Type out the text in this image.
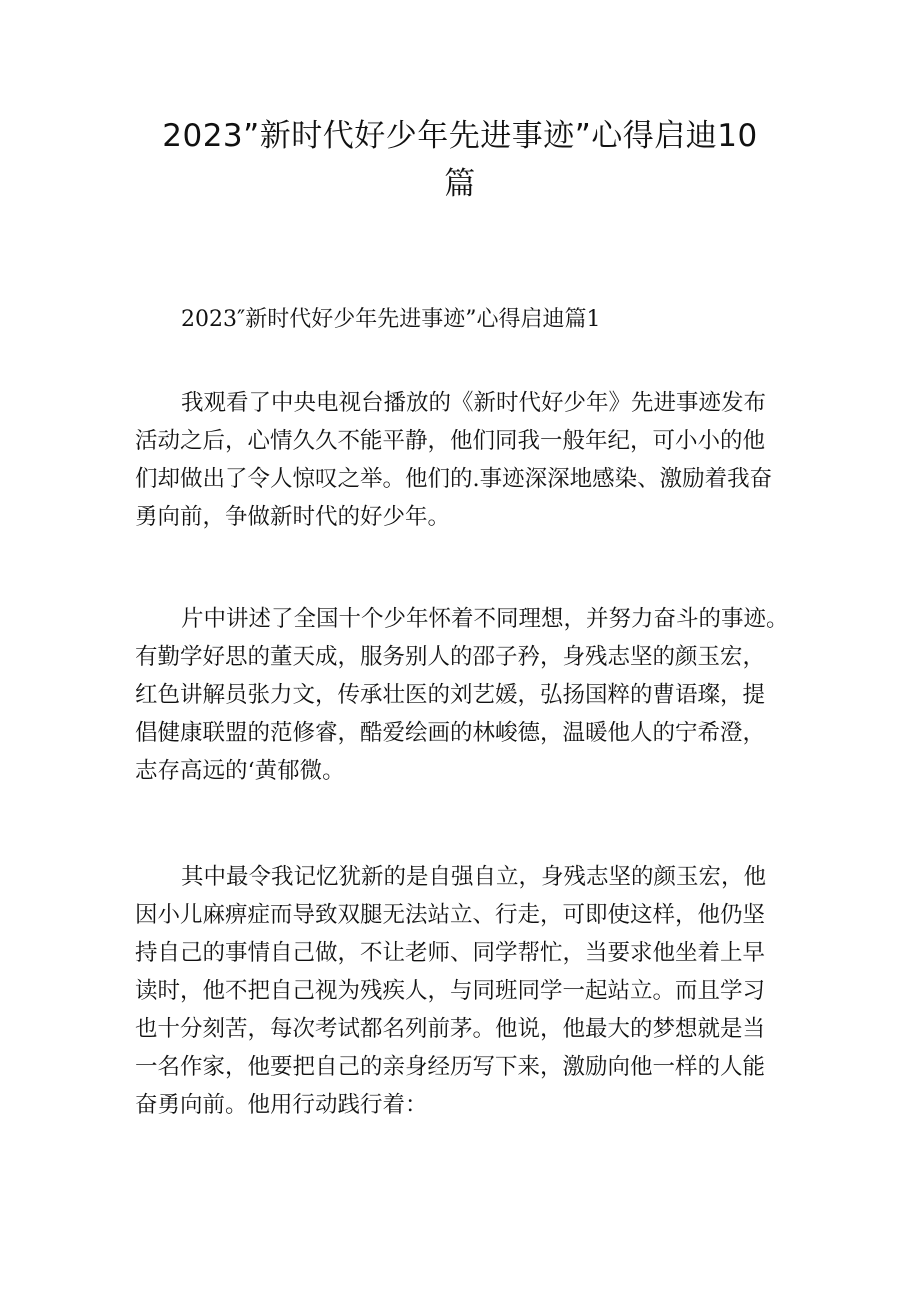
2023”新时代好少年先进事迹”心得启迪10
篇

2023″新时代好少年先进事迹”心得启迪篇1

我观看了中央电视台播放的《新时代好少年》先进事迹发布
活动之后，心情久久不能平静，他们同我一般年纪，可小小的他
们却做出了令人惊叹之举。他们的.事迹深深地感染、激励着我奋
勇向前，争做新时代的好少年。

片中讲述了全国十个少年怀着不同理想，并努力奋斗的事迹。
有勤学好思的董天成，服务别人的邵子矜，身残志坚的颜玉宏，
红色讲解员张力文，传承壮医的刘艺媛，弘扬国粹的曹语璨，提
倡健康联盟的范修睿，酷爱绘画的林峻德，温暖他人的宁希澄，
志存高远的‘黄郁微。

其中最令我记忆犹新的是自强自立，身残志坚的颜玉宏，他
因小儿麻痹症而导致双腿无法站立、行走，可即使这样，他仍坚
持自己的事情自己做，不让老师、同学帮忙，当要求他坐着上早
读时，他不把自己视为残疾人，与同班同学一起站立。而且学习
也十分刻苦，每次考试都名列前茅。他说，他最大的梦想就是当
一名作家，他要把自己的亲身经历写下来，激励向他一样的人能
奋勇向前。他用行动践行着：
